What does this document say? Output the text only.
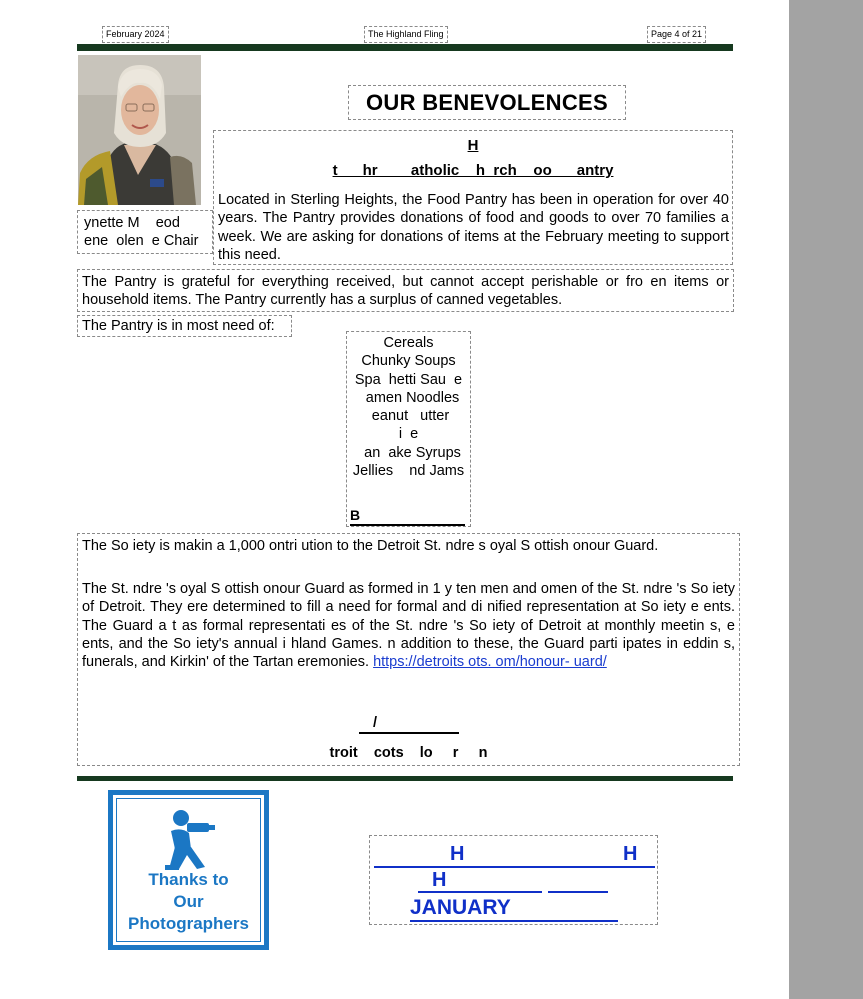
February 2024	The Highland Fling	Page 4 of 21
ynette M    eod
ene  olen  e Chair
OUR BENEVOLENCES
H
t      hr        atholic    h  rch    oo      antry
Located in Sterling Heights, the Food Pantry has been in operation for over 40 years. The Pantry provides donations of food and goods to over 70 families a week. We are asking for donations of items at the February meeting to support this need.
The Pantry is grateful for everything received, but cannot accept perishable or fro en items or household items. The Pantry currently has a surplus of canned vegetables.
The Pantry is in most need of:
Cereals
Chunky Soups
Spa  hetti Sau  e
amen Noodles
eanut   utter
i  e
an  ake Syrups
Jellies    nd Jams
B
The So iety is makin a 1,000 ontri ution to the Detroit St. ndre s oyal S ottish onour Guard.
The St. ndre 's oyal S ottish onour Guard as formed in 1 y ten men and omen of the St. ndre 's So iety of Detroit. They ere determined to fill a need for formal and di nified representation at So iety e ents. The Guard a t as formal representati es of the St. ndre 's So iety of Detroit at monthly meetin s, e ents, and the So iety's annual i hland Games. n addition to these, the Guard parti ipates in eddin s, funerals, and Kirkin' of the Tartan eremonies. https://detroits ots. om/honour- uard/
/
troit    cots    lo     r     n
Thanks to
Our
Photographers
H	H
H
JANUARY
